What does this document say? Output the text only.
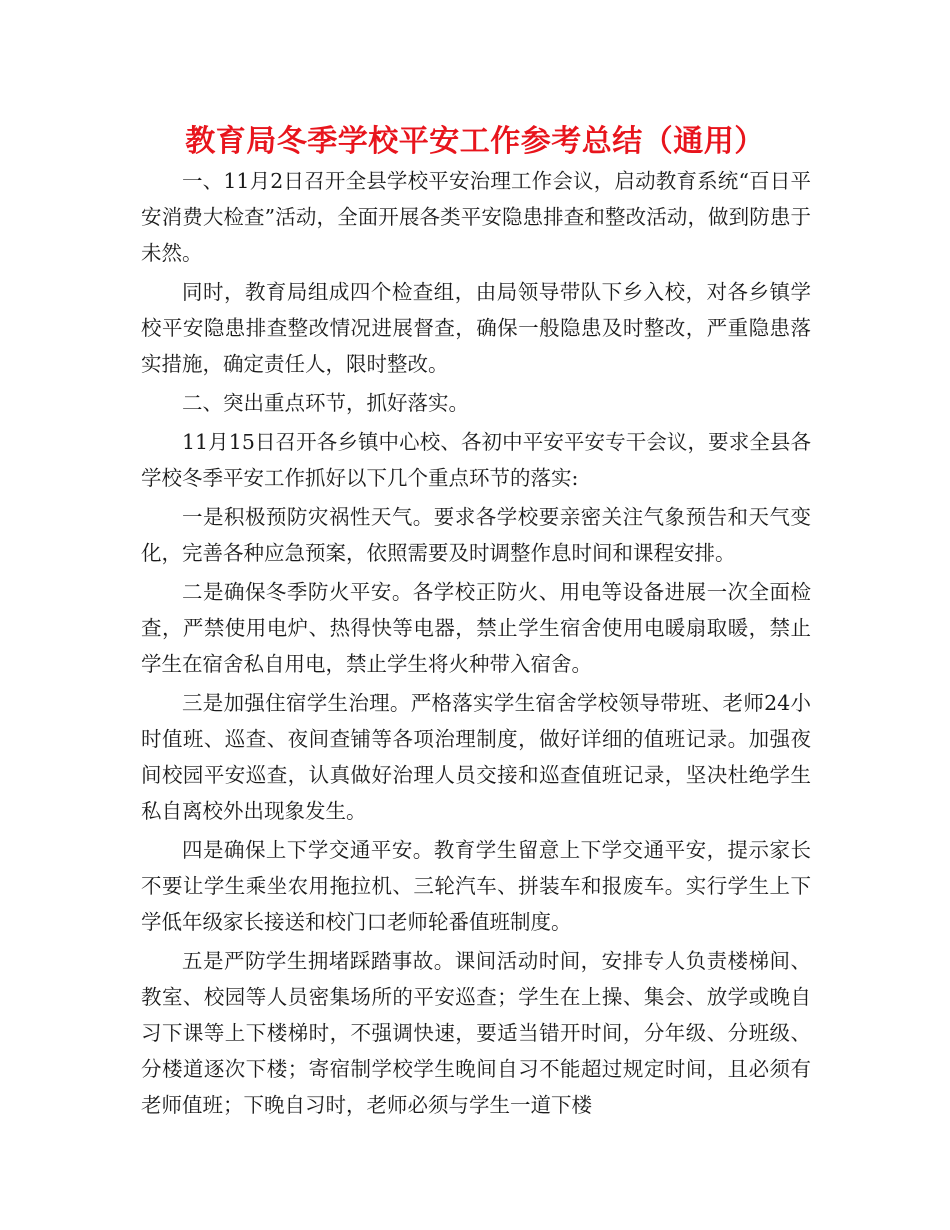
教育局冬季学校平安工作参考总结（通用）

一、11月2日召开全县学校平安治理工作会议，启动教育系统“百日平安消费大检查”活动，全面开展各类平安隐患排查和整改活动，做到防患于未然。

同时，教育局组成四个检查组，由局领导带队下乡入校，对各乡镇学校平安隐患排查整改情况进展督查，确保一般隐患及时整改，严重隐患落实措施，确定责任人，限时整改。

二、突出重点环节，抓好落实。

11月15日召开各乡镇中心校、各初中平安平安专干会议，要求全县各学校冬季平安工作抓好以下几个重点环节的落实:

一是积极预防灾祸性天气。要求各学校要亲密关注气象预告和天气变化，完善各种应急预案，依照需要及时调整作息时间和课程安排。

二是确保冬季防火平安。各学校正防火、用电等设备进展一次全面检查，严禁使用电炉、热得快等电器，禁止学生宿舍使用电暖扇取暖，禁止学生在宿舍私自用电，禁止学生将火种带入宿舍。

三是加强住宿学生治理。严格落实学生宿舍学校领导带班、老师24小时值班、巡查、夜间查铺等各项治理制度，做好详细的值班记录。加强夜间校园平安巡查，认真做好治理人员交接和巡查值班记录，坚决杜绝学生私自离校外出现象发生。

四是确保上下学交通平安。教育学生留意上下学交通平安，提示家长不要让学生乘坐农用拖拉机、三轮汽车、拼装车和报废车。实行学生上下学低年级家长接送和校门口老师轮番值班制度。

五是严防学生拥堵踩踏事故。课间活动时间，安排专人负责楼梯间、教室、校园等人员密集场所的平安巡查；学生在上操、集会、放学或晚自习下课等上下楼梯时，不强调快速，要适当错开时间，分年级、分班级、分楼道逐次下楼；寄宿制学校学生晚间自习不能超过规定时间，且必须有老师值班；下晚自习时，老师必须与学生一道下楼
